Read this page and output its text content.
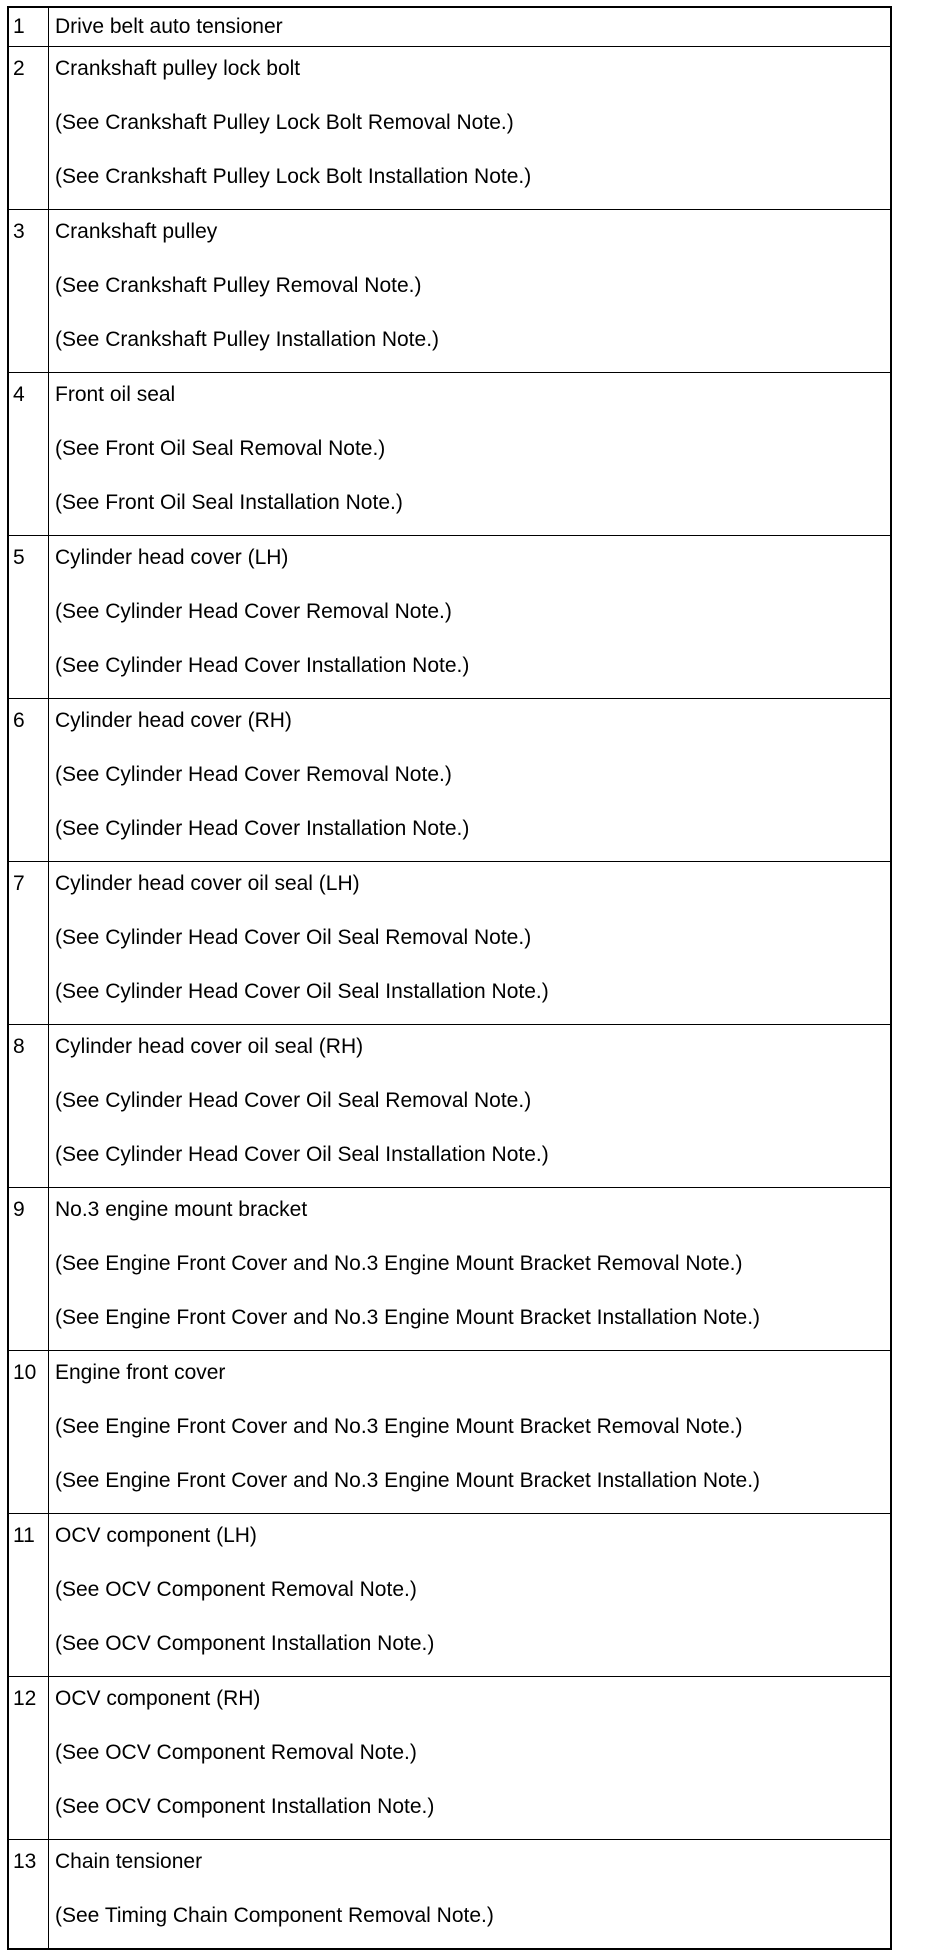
1	Drive belt auto tensioner

2	Crankshaft pulley lock bolt
(See Crankshaft Pulley Lock Bolt Removal Note.)
(See Crankshaft Pulley Lock Bolt Installation Note.)

3	Crankshaft pulley
(See Crankshaft Pulley Removal Note.)
(See Crankshaft Pulley Installation Note.)

4	Front oil seal
(See Front Oil Seal Removal Note.)
(See Front Oil Seal Installation Note.)

5	Cylinder head cover (LH)
(See Cylinder Head Cover Removal Note.)
(See Cylinder Head Cover Installation Note.)

6	Cylinder head cover (RH)
(See Cylinder Head Cover Removal Note.)
(See Cylinder Head Cover Installation Note.)

7	Cylinder head cover oil seal (LH)
(See Cylinder Head Cover Oil Seal Removal Note.)
(See Cylinder Head Cover Oil Seal Installation Note.)

8	Cylinder head cover oil seal (RH)
(See Cylinder Head Cover Oil Seal Removal Note.)
(See Cylinder Head Cover Oil Seal Installation Note.)

9	No.3 engine mount bracket
(See Engine Front Cover and No.3 Engine Mount Bracket Removal Note.)
(See Engine Front Cover and No.3 Engine Mount Bracket Installation Note.)

10	Engine front cover
(See Engine Front Cover and No.3 Engine Mount Bracket Removal Note.)
(See Engine Front Cover and No.3 Engine Mount Bracket Installation Note.)

11	OCV component (LH)
(See OCV Component Removal Note.)
(See OCV Component Installation Note.)

12	OCV component (RH)
(See OCV Component Removal Note.)
(See OCV Component Installation Note.)

13	Chain tensioner
(See Timing Chain Component Removal Note.)
